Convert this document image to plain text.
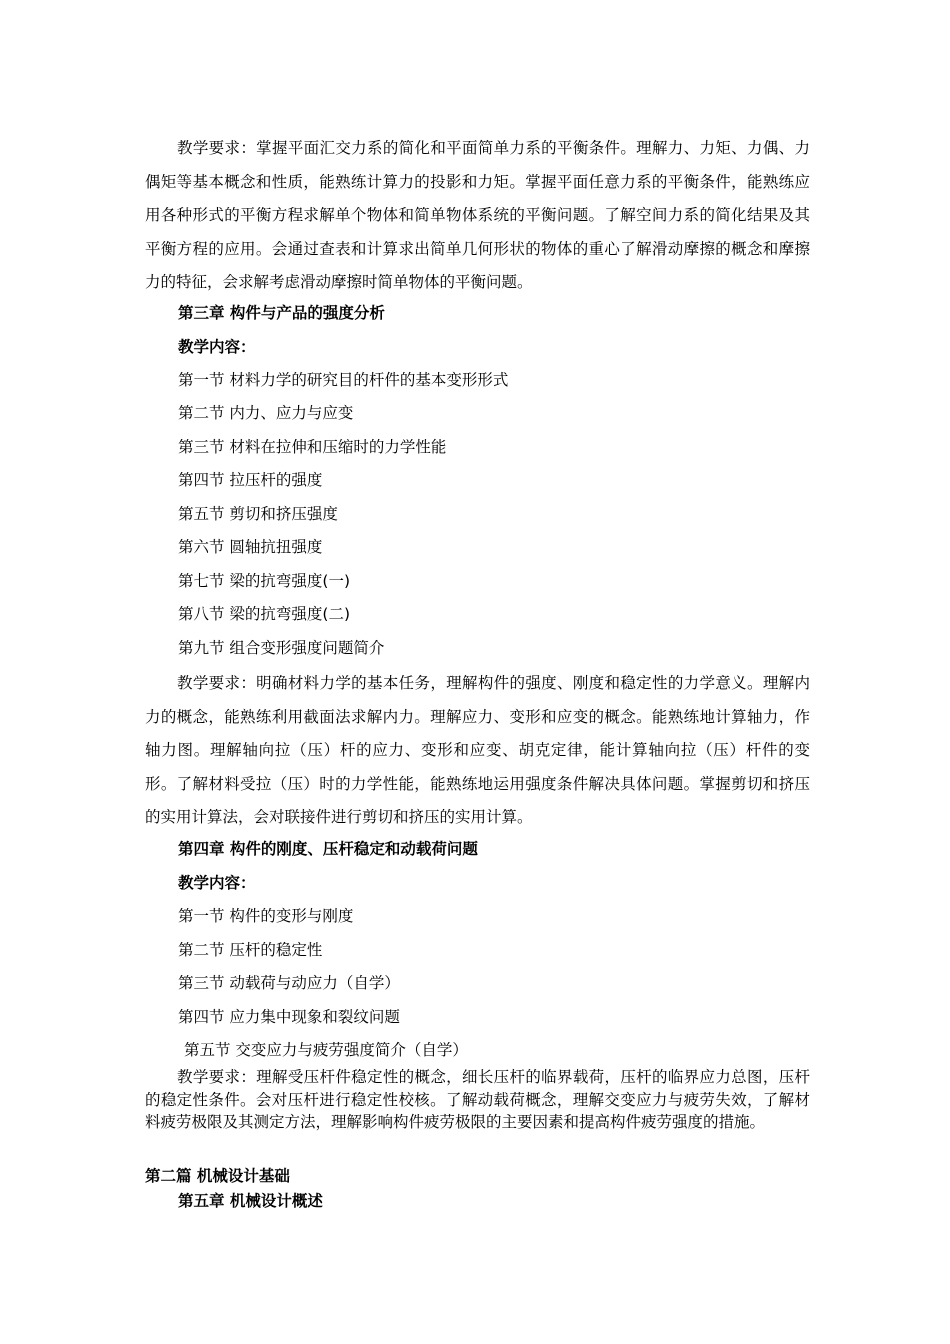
教学要求：掌握平面汇交力系的简化和平面简单力系的平衡条件。理解力、力矩、力偶、力偶矩等基本概念和性质，能熟练计算力的投影和力矩。掌握平面任意力系的平衡条件，能熟练应用各种形式的平衡方程求解单个物体和简单物体系统的平衡问题。了解空间力系的简化结果及其平衡方程的应用。会通过查表和计算求出简单几何形状的物体的重心了解滑动摩擦的概念和摩擦力的特征，会求解考虑滑动摩擦时简单物体的平衡问题。
第三章 构件与产品的强度分析
教学内容：
第一节 材料力学的研究目的杆件的基本变形形式
第二节 内力、应力与应变
第三节 材料在拉伸和压缩时的力学性能
第四节 拉压杆的强度
第五节 剪切和挤压强度
第六节 圆轴抗扭强度
第七节 梁的抗弯强度(一)
第八节 梁的抗弯强度(二)
第九节 组合变形强度问题简介
教学要求：明确材料力学的基本任务，理解构件的强度、刚度和稳定性的力学意义。理解内力的概念，能熟练利用截面法求解内力。理解应力、变形和应变的概念。能熟练地计算轴力，作轴力图。理解轴向拉（压）杆的应力、变形和应变、胡克定律，能计算轴向拉（压）杆件的变形。了解材料受拉（压）时的力学性能，能熟练地运用强度条件解决具体问题。掌握剪切和挤压的实用计算法，会对联接件进行剪切和挤压的实用计算。
第四章 构件的刚度、压杆稳定和动载荷问题
教学内容：
第一节 构件的变形与刚度
第二节 压杆的稳定性
第三节 动载荷与动应力（自学）
第四节 应力集中现象和裂纹问题
第五节 交变应力与疲劳强度简介（自学）
教学要求：理解受压杆件稳定性的概念，细长压杆的临界载荷，压杆的临界应力总图，压杆的稳定性条件。会对压杆进行稳定性校核。了解动载荷概念，理解交变应力与疲劳失效，了解材料疲劳极限及其测定方法，理解影响构件疲劳极限的主要因素和提高构件疲劳强度的措施。
第二篇 机械设计基础
第五章 机械设计概述
